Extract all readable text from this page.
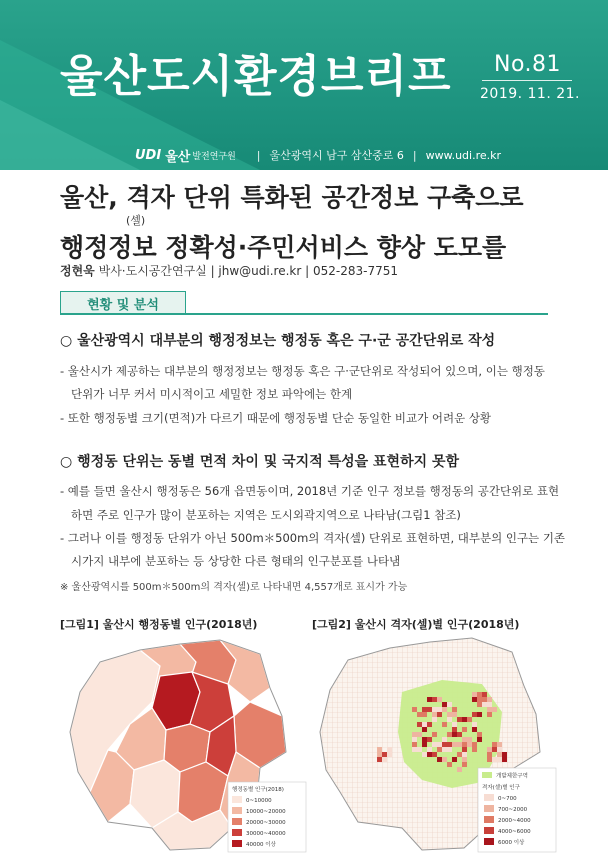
울산도시환경브리프 No.81
2019. 11. 21.
UDI 울산 발전연구원 | 울산광역시 남구 삼산중로 6 | www.udi.re.kr
울산, 격자 단위 특화된 공간정보 구축으로
(셀)
행정정보 정확성·주민서비스 향상 도모를
정현욱 박사·도시공간연구실 | jhw@udi.re.kr | 052-283-7751
현황 및 분석
○ 울산광역시 대부분의 행정정보는 행정동 혹은 구·군 공간단위로 작성
- 울산시가 제공하는 대부분의 행정정보는 행정동 혹은 구·군단위로 작성되어 있으며, 이는 행정동
단위가 너무 커서 미시적이고 세밀한 정보 파악에는 한계
- 또한 행정동별 크기(면적)가 다르기 때문에 행정동별 단순 동일한 비교가 어려운 상황
○ 행정동 단위는 동별 면적 차이 및 국지적 특성을 표현하지 못함
- 예를 들면 울산시 행정동은 56개 읍면동이며, 2018년 기준 인구 정보를 행정동의 공간단위로 표현
하면 주로 인구가 많이 분포하는 지역은 도시외곽지역으로 나타남(그림1 참조)
- 그러나 이를 행정동 단위가 아닌 500m＊500m의 격자(셀) 단위로 표현하면, 대부분의 인구는 기존
시가지 내부에 분포하는 등 상당한 다른 형태의 인구분포를 나타냄
※ 울산광역시를 500m＊500m의 격자(셀)로 나타내면 4,557개로 표시가 가능
[그림1] 울산시 행정동별 인구(2018년)
행정동별 인구(2018)
0~10000
10000~20000
20000~30000
30000~40000
40000 이상
[그림2] 울산시 격자(셀)별 인구(2018년)
개발제한구역
격자(셀)별 인구
0~700
700~2000
2000~4000
4000~6000
6000 이상
